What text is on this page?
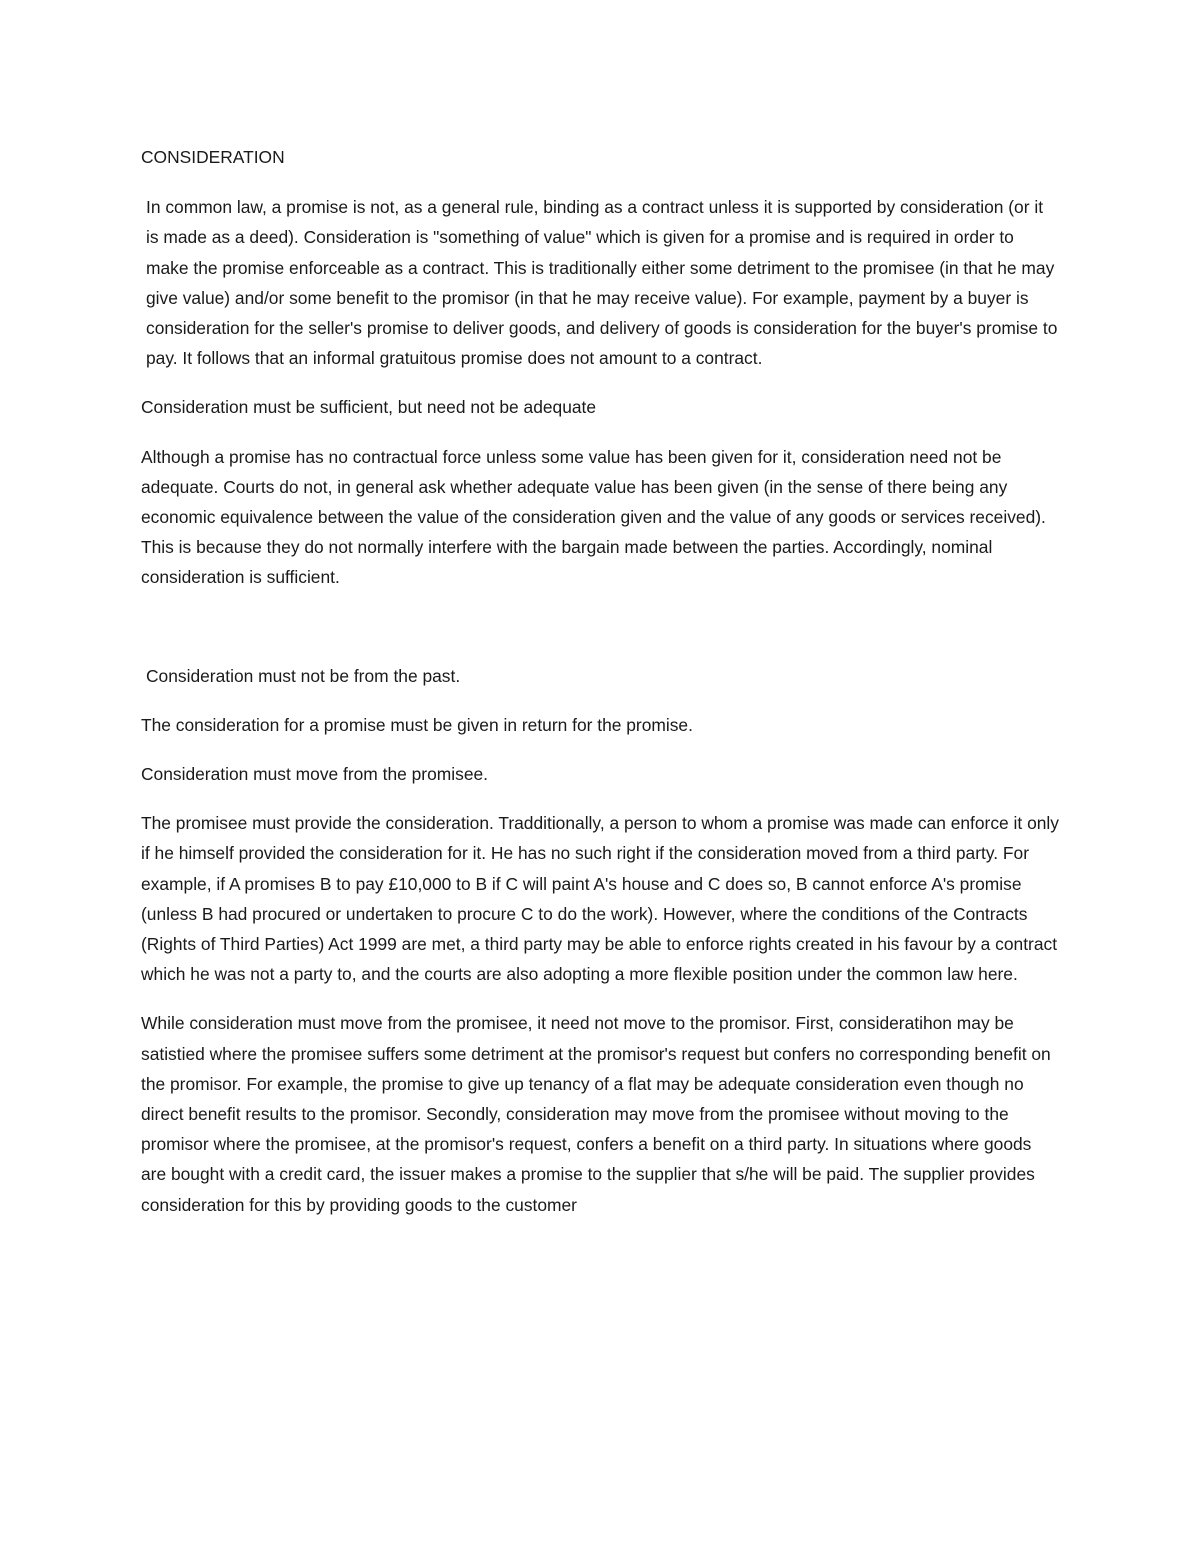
CONSIDERATION

In common law, a promise is not, as a general rule, binding as a contract unless it is supported by consideration (or it is made as a deed). Consideration is "something of value" which is given for a promise and is required in order to make the promise enforceable as a contract. This is traditionally either some detriment to the promisee (in that he may give value) and/or some benefit to the promisor (in that he may receive value). For example, payment by a buyer is consideration for the seller's promise to deliver goods, and delivery of goods is consideration for the buyer's promise to pay. It follows that an informal gratuitous promise does not amount to a contract.

Consideration must be sufficient, but need not be adequate

Although a promise has no contractual force unless some value has been given for it, consideration need not be adequate. Courts do not, in general ask whether adequate value has been given (in the sense of there being any economic equivalence between the value of the consideration given and the value of any goods or services received). This is because they do not normally interfere with the bargain made between the parties. Accordingly, nominal consideration is sufficient.

Consideration must not be from the past.

The consideration for a promise must be given in return for the promise.

Consideration must move from the promisee.

The promisee must provide the consideration. Tradditionally, a person to whom a promise was made can enforce it only if he himself provided the consideration for it. He has no such right if the consideration moved from a third party. For example, if A promises B to pay £10,000 to B if C will paint A's house and C does so, B cannot enforce A's promise (unless B had procured or undertaken to procure C to do the work). However, where the conditions of the Contracts (Rights of Third Parties) Act 1999 are met, a third party may be able to enforce rights created in his favour by a contract which he was not a party to, and the courts are also adopting a more flexible position under the common law here.

While consideration must move from the promisee, it need not move to the promisor. First, consideratihon may be satistied where the promisee suffers some detriment at the promisor's request but confers no corresponding benefit on the promisor. For example, the promise to give up tenancy of a flat may be adequate consideration even though no direct benefit results to the promisor. Secondly, consideration may move from the promisee without moving to the promisor where the promisee, at the promisor's request, confers a benefit on a third party. In situations where goods are bought with a credit card, the issuer makes a promise to the supplier that s/he will be paid. The supplier provides consideration for this by providing goods to the customer
